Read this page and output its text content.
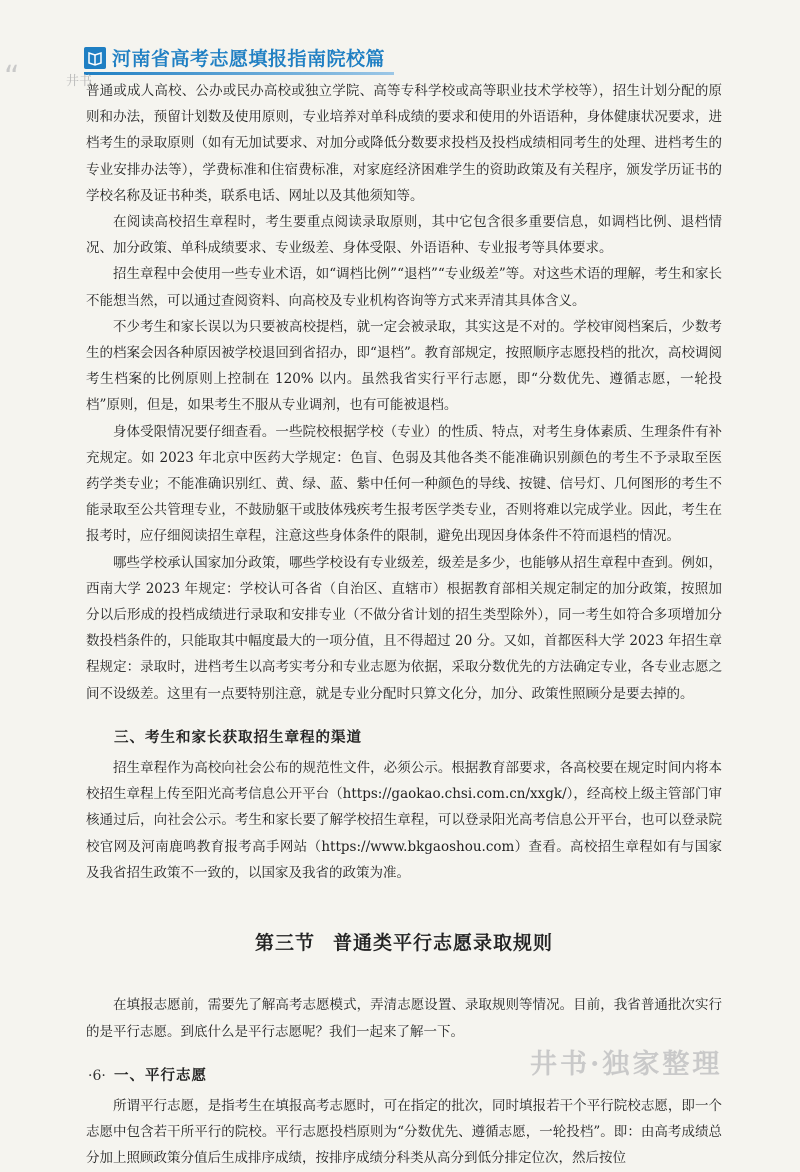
“
河南省高考志愿填报指南院校篇
井书

普通或成人高校、公办或民办高校或独立学院、高等专科学校或高等职业技术学校等），招生计划分配的原则和办法，预留计划数及使用原则，专业培养对单科成绩的要求和使用的外语语种，身体健康状况要求，进档考生的录取原则（如有无加试要求、对加分或降低分数要求投档及投档成绩相同考生的处理、进档考生的专业安排办法等），学费标准和住宿费标准，对家庭经济困难学生的资助政策及有关程序，颁发学历证书的学校名称及证书种类，联系电话、网址以及其他须知等。

在阅读高校招生章程时，考生要重点阅读录取原则，其中它包含很多重要信息，如调档比例、退档情况、加分政策、单科成绩要求、专业级差、身体受限、外语语种、专业报考等具体要求。

招生章程中会使用一些专业术语，如“调档比例”“退档”“专业级差”等。对这些术语的理解，考生和家长不能想当然，可以通过查阅资料、向高校及专业机构咨询等方式来弄清其具体含义。

不少考生和家长误以为只要被高校提档，就一定会被录取，其实这是不对的。学校审阅档案后，少数考生的档案会因各种原因被学校退回到省招办，即“退档”。教育部规定，按照顺序志愿投档的批次，高校调阅考生档案的比例原则上控制在 120% 以内。虽然我省实行平行志愿，即“分数优先、遵循志愿，一轮投档”原则，但是，如果考生不服从专业调剂，也有可能被退档。

身体受限情况要仔细查看。一些院校根据学校（专业）的性质、特点，对考生身体素质、生理条件有补充规定。如 2023 年北京中医药大学规定：色盲、色弱及其他各类不能准确识别颜色的考生不予录取至医药学类专业；不能准确识别红、黄、绿、蓝、紫中任何一种颜色的导线、按键、信号灯、几何图形的考生不能录取至公共管理专业，不鼓励躯干或肢体残疾考生报考医学类专业，否则将难以完成学业。因此，考生在报考时，应仔细阅读招生章程，注意这些身体条件的限制，避免出现因身体条件不符而退档的情况。

哪些学校承认国家加分政策，哪些学校设有专业级差，级差是多少，也能够从招生章程中查到。例如，西南大学 2023 年规定：学校认可各省（自治区、直辖市）根据教育部相关规定制定的加分政策，按照加分以后形成的投档成绩进行录取和安排专业（不做分省计划的招生类型除外），同一考生如符合多项增加分数投档条件的，只能取其中幅度最大的一项分值，且不得超过 20 分。又如，首都医科大学 2023 年招生章程规定：录取时，进档考生以高考实考分和专业志愿为依据，采取分数优先的方法确定专业，各专业志愿之间不设级差。这里有一点要特别注意，就是专业分配时只算文化分，加分、政策性照顾分是要去掉的。

三、考生和家长获取招生章程的渠道

招生章程作为高校向社会公布的规范性文件，必须公示。根据教育部要求，各高校要在规定时间内将本校招生章程上传至阳光高考信息公开平台（https://gaokao.chsi.com.cn/xxgk/），经高校上级主管部门审核通过后，向社会公示。考生和家长要了解学校招生章程，可以登录阳光高考信息公开平台，也可以登录院校官网及河南鹿鸣教育报考高手网站（https://www.bkgaoshou.com）查看。高校招生章程如有与国家及我省招生政策不一致的，以国家及我省的政策为准。

第三节 普通类平行志愿录取规则

在填报志愿前，需要先了解高考志愿模式，弄清志愿设置、录取规则等情况。目前，我省普通批次实行的是平行志愿。到底什么是平行志愿呢？我们一起来了解一下。

一、平行志愿

所谓平行志愿，是指考生在填报高考志愿时，可在指定的批次，同时填报若干个平行院校志愿，即一个志愿中包含若干所平行的院校。平行志愿投档原则为“分数优先、遵循志愿，一轮投档”。即：由高考成绩总分加上照顾政策分值后生成排序成绩，按排序成绩分科类从高分到低分排定位次，然后按位

·6·	井书·独家整理
